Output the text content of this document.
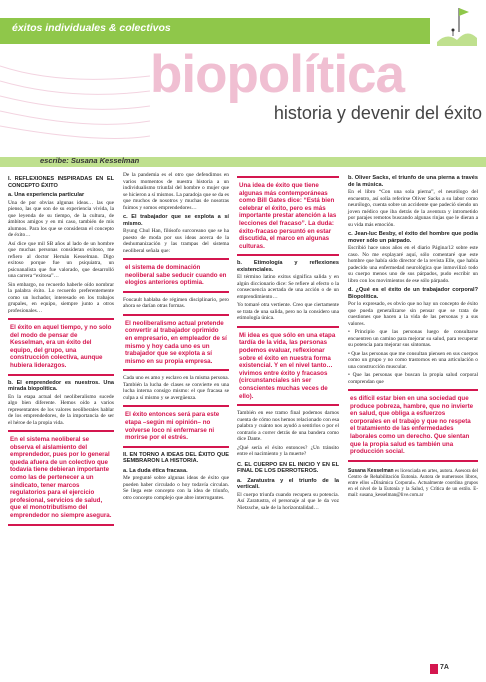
éxitos individuales & colectivos
biopolítica
historia y devenir del éxito
escribe: Susana Kesselman
I. REFLEXIONES INSPIRADAS EN EL CONCEPTO ÉXITO
a. Una experiencia particular

Una de por obvias algunas ideas… las que pienso, las que son de su experiencia vivida, la que leyenda de su tiempo, de la cultura, de ámbitos amigos y en mi caso, también de mis alumnos. Para los que se consideran el concepto de éxito…

Así dice que mil SB años al lado de un hombre que muchas personas consideran exitoso, me refiero al doctor Hernán Kesselman. Digo exitoso porque fue un psiquiatra, un psicoanalista que fue valorado, que desarrolló una carrera “exitosa”…

Sin embargo, no recuerdo haberle oído nombrar la palabra éxito. Lo recuerdo preferentemente como un luchador, interesado en los trabajos grupales, en equipo, siempre junto a otros profesionales…

El éxito en aquel tiempo, y no solo del modo de pensar de Kesselman, era un éxito del equipo, del grupo, una construcción colectiva, aunque hubiera liderazgos.
b. El emprendedor es nuestros. Una mirada biopolítica.

En la etapa actual del neoliberalismo sucede algo bien diferente. Hemos oído a varios representantes de los valores neoliberales hablar de los emprendedores, de la importancia de ser el héroe de la propia vida.

En el sistema neoliberal se observa el aislamiento del emprendedor, pues por lo general queda afuera de un colectivo que todavía tiene debieran importante como las de pertenecer a un sindicato, tener marcos regulatorios para el ejercicio profesional, servicios de salud, que el monotributismo del emprendedor no siempre asegura.

De la pandemia es el otro que defendimos en varios momentos de nuestra historia a un individualismo triunfal del hombre o mujer que se hicieron a sí mismos. La paradoja que se da es que muchos de nosotros y muchas de nosotras fuimos y somos emprendedores…

c. El trabajador que se explota a sí mismo.

Byung Chul Han, filósofo surcoreano que se ha puesto de moda por sus ideas acerca de la deshumanización y las trampas del sistema neoliberal señala que:

el sistema de dominación neoliberal sabe seducir cuando en elogios anteriores optimia.

Foucault hablaba de régimen disciplinario, pero ahora se darían otras formas.

El neoliberalismo actual pretende convertir al trabajador oprimido en empresario, en empleador de sí mismo y hoy cada uno es un trabajador que se explota a sí mismo en su propia empresa.

Cada uno es amo y esclavo en la misma persona. También la lucha de clases se convierte en una lucha interna consigo mismo: el que fracasa se culpa a sí mismo y se avergüenza.

El éxito entonces será para este etapa –según mi opinión– no volverse loco ni enfermarse ni morirse por el estrés.
II. EN TORNO A IDEAS DEL ÉXITO QUE SEMBRARON LA HISTORIA.
a. La duda ética fracasa.

Me pregunté sobre algunas ideas de éxito que pueden haber circulado o hoy todavía circulan. Se llega este concepto con la idea de triunfo, otro concepto complejo que abre interrogantes.

Una idea de éxito que tiene algunas más contemporáneas como Bill Gates dice: “Está bien celebrar el éxito, pero es más importante prestar atención a las lecciones del fracaso”. La duda: éxito-fracaso persuntó en estar discutida, el marco en algunas culturas.
b. Etimología y reflexiones existenciales.

El término latino exitus significa salida y en algún diccionario dice: Se refiere al efecto o la consecuencia acertada de una acción o de un emprendimiento…

Yo tomaré otra vertiente. Creo que ciertamente se trata de una salida, pero no la considero una etimología única.

Mi idea es que sólo en una etapa tardía de la vida, las personas podemos evaluar, reflexionar sobre el éxito en nuestra forma existencial. Y en el nivel tanto… vivimos entre éxito y fracasos (circunstanciales sin ser conscientes muchas veces de ello).

También en ese tramo final podemos darnos cuenta de cómo nos hemos relacionado con esa palabra y cuánto nos ayudó a sentirlos o por el contrario a correr detrás de una bandera como dice Dante.

¿Qué sería el éxito entonces? ¿Un tránsito entre el nacimiento y la muerte?

C. EL CUERPO EN EL INICIO Y EN EL FINAL DE LOS DERROTEROS.
a. Zaratustra y el triunfo de la verticali.

El cuerpo triunfa cuando recupera su potencia. Así Zaratustra, el personaje al que le da voz Nietzsche, sale de la horizontalidad…

b. Oliver Sacks, el triunfo de una pierna a través de la música.

En el libro “Con una sola pierna”, el neurólogo del encuentro, así solía referirse Oliver Sacks a su labor como neurólogo, cuenta sobre un accidente que padeció siendo un joven médico que iba detrás de la aventura y intrometido por parajes remotos buscando algunas rinjas que le dieran a su vida más emoción.

c. Jean-luc Besby, el éxito del hombre que podía mover sólo un párpado.

Escribió hace unos años en el diario Página/12 sobre este caso. No me explayaré aquí, sólo comentaré que este hombre que había sido director de la revista Elle, que había padecido una enfermedad neurológica que inmovilizó todo su cuerpo menos uno de sus párpados, pudo escribir un libro con los movimientos de ese sólo párpado.

d. ¿Qué es el éxito de un trabajador corporal? Biopolítica.

Por lo expresado, es obvio que no hay un concepto de éxito que pueda generalizarse sin pensar que se trata de cuestiones que hacen a la vida de las personas y a sus valores.

• Principio que las personas luego de consultarse encuentren un camino para mejorar su salud, para recuperar su potencia para mejorar sus síntomas.

• Que las personas que me consultan piensen en sus cuerpos como un grupo y no como trastornos en una articulación o una construcción muscular.

• Que las personas que buscan la propia salud corporal comprendan que

es difícil estar bien en una sociedad que produce pobreza, hambre, que no invierte en salud, que obliga a esfuerzos corporales en el trabajo y que no respeta el tratamiento de las enfermedades laborales como un derecho. Que sientan que la propia salud es también una producción social.
Susana Kesselman es licenciada en artes, autora. Asesora del Centro de Rehabilitación Eutonia. Autora de numerosos libros, entre ellos «Dinámica Corporal». Actualmente coordina grupos en el nivel de la Eutonía y la Salud, y Crítica de un estilo. E-mail: susana_kesselman@live.com.ar
7A
